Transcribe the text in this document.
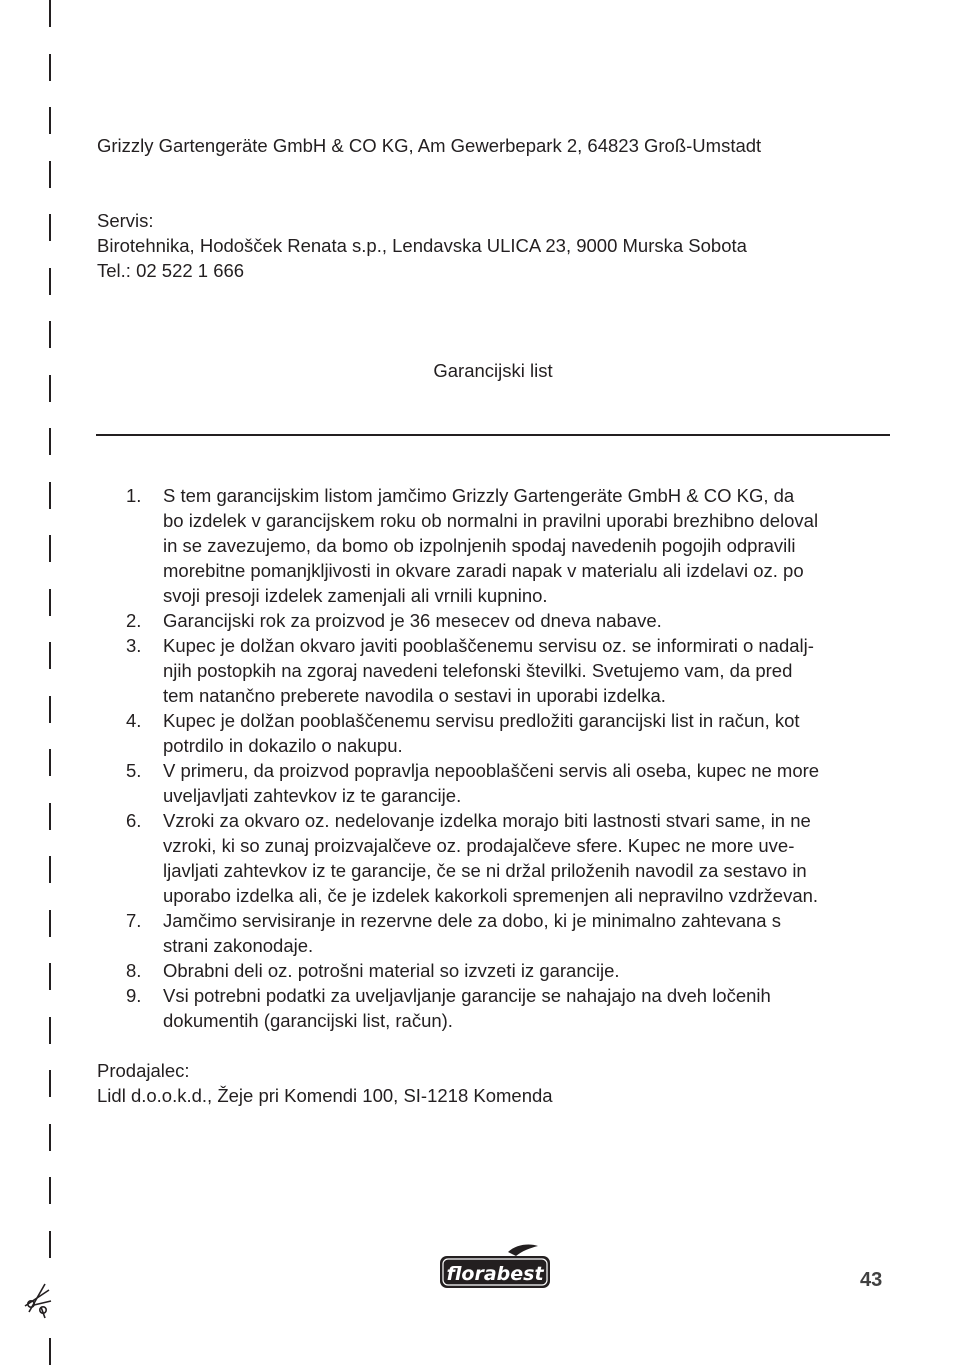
Grizzly Gartengeräte GmbH & CO KG, Am Gewerbepark 2, 64823 Groß-Umstadt
Servis:
Birotehnika, Hodošček Renata s.p., Lendavska ULICA 23, 9000 Murska Sobota
Tel.: 02 522 1 666
Garancijski list
1. S tem garancijskim listom jamčimo Grizzly Gartengeräte GmbH & CO KG, da
bo izdelek v garancijskem roku ob normalni in pravilni uporabi brezhibno deloval
in se zavezujemo, da bomo ob izpolnjenih spodaj navedenih pogojih odpravili
morebitne pomanjkljivosti in okvare zaradi napak v materialu ali izdelavi oz. po
svoji presoji izdelek zamenjali ali vrnili kupnino.
2. Garancijski rok za proizvod je 36 mesecev od dneva nabave.
3. Kupec je dolžan okvaro javiti pooblaščenemu servisu oz. se informirati o nadalj-
njih postopkih na zgoraj navedeni telefonski številki. Svetujemo vam, da pred
tem natančno preberete navodila o sestavi in uporabi izdelka.
4. Kupec je dolžan pooblaščenemu servisu predložiti garancijski list in račun, kot
potrdilo in dokazilo o nakupu.
5. V primeru, da proizvod popravlja nepooblaščeni servis ali oseba, kupec ne more
uveljavljati zahtevkov iz te garancije.
6. Vzroki za okvaro oz. nedelovanje izdelka morajo biti lastnosti stvari same, in ne
vzroki, ki so zunaj proizvajalčeve oz. prodajalčeve sfere. Kupec ne more uve-
ljavljati zahtevkov iz te garancije, če se ni držal priloženih navodil za sestavo in
uporabo izdelka ali, če je izdelek kakorkoli spremenjen ali nepravilno vzdrževan.
7. Jamčimo servisiranje in rezervne dele za dobo, ki je minimalno zahtevana s
strani zakonodaje.
8. Obrabni deli oz. potrošni material so izvzeti iz garancije.
9. Vsi potrebni podatki za uveljavljanje garancije se nahajajo na dveh ločenih
dokumentih (garancijski list, račun).
Prodajalec:
Lidl d.o.o.k.d., Žeje pri Komendi 100, SI-1218 Komenda
florabest	43
